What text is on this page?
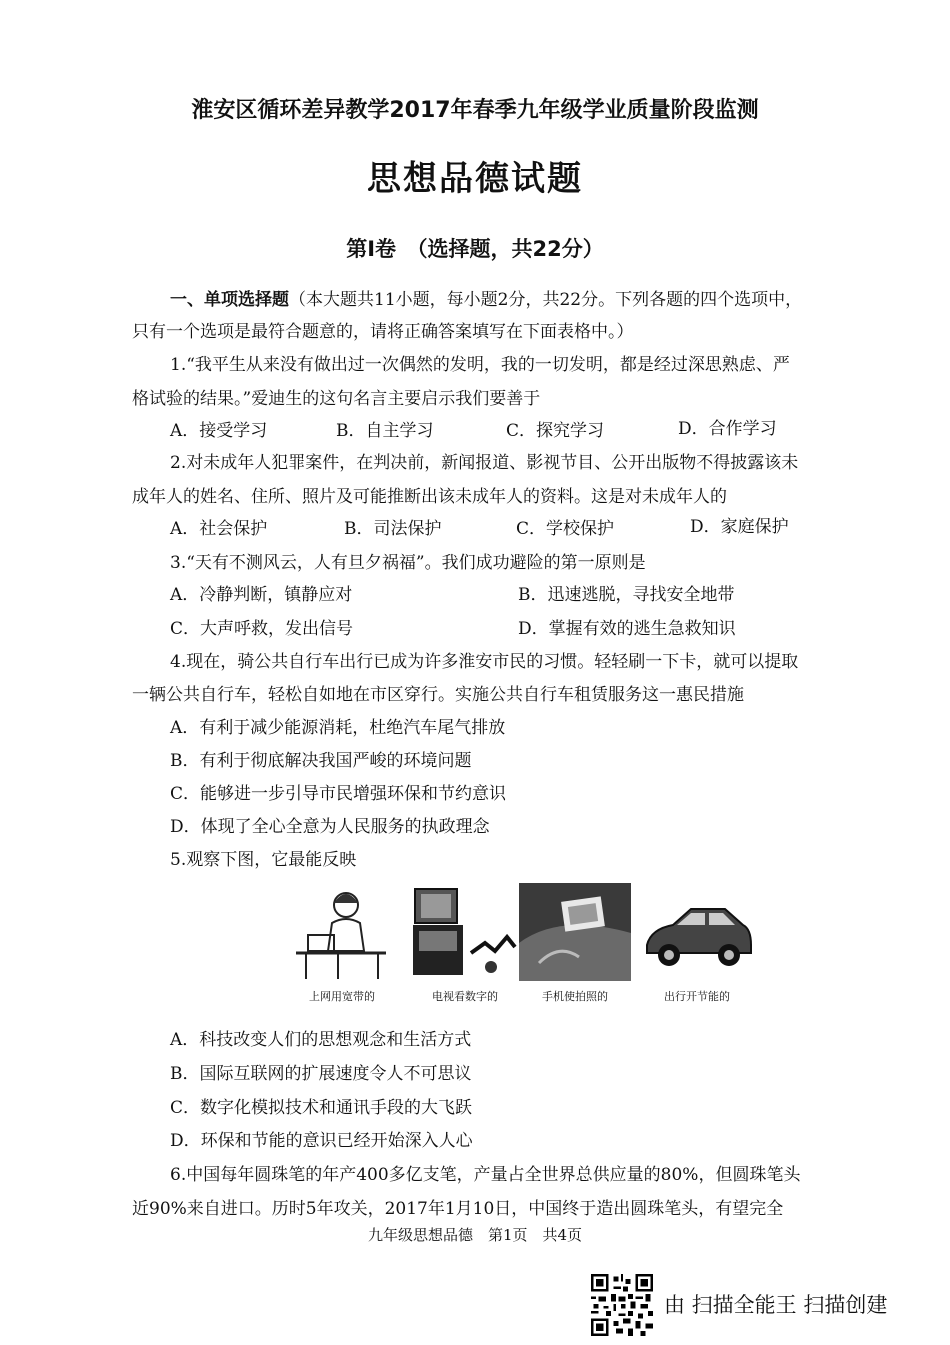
淮安区循环差异教学2017年春季九年级学业质量阶段监测
思想品德试题
第Ⅰ卷　（选择题，共22分）
一、单项选择题（本大题共11小题，每小题2分，共22分。下列各题的四个选项中，
只有一个选项是最符合题意的，请将正确答案填写在下面表格中。）
1.“我平生从来没有做出过一次偶然的发明，我的一切发明，都是经过深思熟虑、严
格试验的结果。”爱迪生的这句名言主要启示我们要善于
A．接受学习	B．自主学习	C．探究学习	D．合作学习
2.对未成年人犯罪案件，在判决前，新闻报道、影视节目、公开出版物不得披露该未
成年人的姓名、住所、照片及可能推断出该未成年人的资料。这是对未成年人的
A．社会保护	B．司法保护	C．学校保护	D．家庭保护
3.“天有不测风云，人有旦夕祸福”。我们成功避险的第一原则是
A．冷静判断，镇静应对	B．迅速逃脱，寻找安全地带
C．大声呼救，发出信号	D．掌握有效的逃生急救知识
4.现在，骑公共自行车出行已成为许多淮安市民的习惯。轻轻刷一下卡，就可以提取
一辆公共自行车，轻松自如地在市区穿行。实施公共自行车租赁服务这一惠民措施
A．有利于减少能源消耗，杜绝汽车尾气排放
B．有利于彻底解决我国严峻的环境问题
C．能够进一步引导市民增强环保和节约意识
D．体现了全心全意为人民服务的执政理念
5.观察下图，它最能反映
上网用宽带的	电视看数字的	手机使拍照的	出行开节能的
A．科技改变人们的思想观念和生活方式
B．国际互联网的扩展速度令人不可思议
C．数字化模拟技术和通讯手段的大飞跃
D．环保和节能的意识已经开始深入人心
6.中国每年圆珠笔的年产400多亿支笔，产量占全世界总供应量的80%，但圆珠笔头
近90%来自进口。历时5年攻关，2017年1月10日，中国终于造出圆珠笔头，有望完全
九年级思想品德　第1页　共4页
由 扫描全能王 扫描创建
